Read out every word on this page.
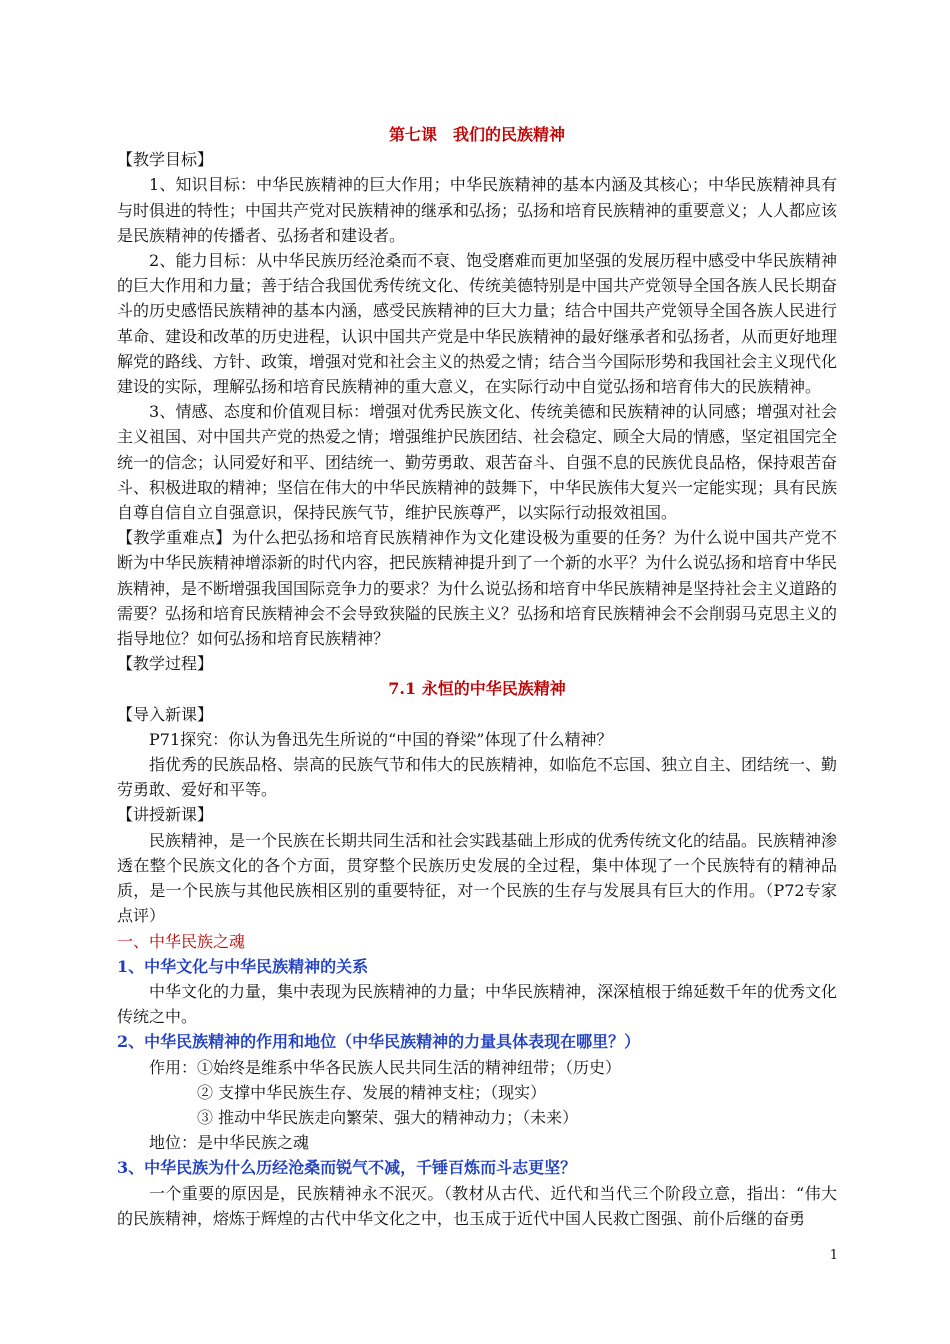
第七课　我们的民族精神

【教学目标】

1、知识目标：中华民族精神的巨大作用；中华民族精神的基本内涵及其核心；中华民族精神具有与时俱进的特性；中国共产党对民族精神的继承和弘扬；弘扬和培育民族精神的重要意义；人人都应该是民族精神的传播者、弘扬者和建设者。

2、能力目标：从中华民族历经沧桑而不衰、饱受磨难而更加坚强的发展历程中感受中华民族精神的巨大作用和力量；善于结合我国优秀传统文化、传统美德特别是中国共产党领导全国各族人民长期奋斗的历史感悟民族精神的基本内涵，感受民族精神的巨大力量；结合中国共产党领导全国各族人民进行革命、建设和改革的历史进程，认识中国共产党是中华民族精神的最好继承者和弘扬者，从而更好地理解党的路线、方针、政策，增强对党和社会主义的热爱之情；结合当今国际形势和我国社会主义现代化建设的实际，理解弘扬和培育民族精神的重大意义，在实际行动中自觉弘扬和培育伟大的民族精神。

3、情感、态度和价值观目标：增强对优秀民族文化、传统美德和民族精神的认同感；增强对社会主义祖国、对中国共产党的热爱之情；增强维护民族团结、社会稳定、顾全大局的情感，坚定祖国完全统一的信念；认同爱好和平、团结统一、勤劳勇敢、艰苦奋斗、自强不息的民族优良品格，保持艰苦奋斗、积极进取的精神；坚信在伟大的中华民族精神的鼓舞下，中华民族伟大复兴一定能实现；具有民族自尊自信自立自强意识，保持民族气节，维护民族尊严，以实际行动报效祖国。

【教学重难点】为什么把弘扬和培育民族精神作为文化建设极为重要的任务？为什么说中国共产党不断为中华民族精神增添新的时代内容，把民族精神提升到了一个新的水平？为什么说弘扬和培育中华民族精神，是不断增强我国国际竞争力的要求？为什么说弘扬和培育中华民族精神是坚持社会主义道路的需要？弘扬和培育民族精神会不会导致狭隘的民族主义？弘扬和培育民族精神会不会削弱马克思主义的指导地位？如何弘扬和培育民族精神？

【教学过程】

7.1 永恒的中华民族精神

【导入新课】

P71探究：你认为鲁迅先生所说的“中国的脊梁”体现了什么精神？

指优秀的民族品格、崇高的民族气节和伟大的民族精神，如临危不忘国、独立自主、团结统一、勤劳勇敢、爱好和平等。

【讲授新课】

民族精神，是一个民族在长期共同生活和社会实践基础上形成的优秀传统文化的结晶。民族精神渗透在整个民族文化的各个方面，贯穿整个民族历史发展的全过程，集中体现了一个民族特有的精神品质，是一个民族与其他民族相区别的重要特征，对一个民族的生存与发展具有巨大的作用。（P72专家点评）

一、中华民族之魂

1、中华文化与中华民族精神的关系

中华文化的力量，集中表现为民族精神的力量；中华民族精神，深深植根于绵延数千年的优秀文化传统之中。

2、中华民族精神的作用和地位（中华民族精神的力量具体表现在哪里？）

作用：①始终是维系中华各民族人民共同生活的精神纽带；（历史）

② 支撑中华民族生存、发展的精神支柱；（现实）

③ 推动中华民族走向繁荣、强大的精神动力；（未来）

地位：是中华民族之魂

3、中华民族为什么历经沧桑而锐气不减，千锤百炼而斗志更坚？

一个重要的原因是，民族精神永不泯灭。（教材从古代、近代和当代三个阶段立意，指出：“伟大的民族精神，熔炼于辉煌的古代中华文化之中，也玉成于近代中国人民救亡图强、前仆后继的奋勇

1
